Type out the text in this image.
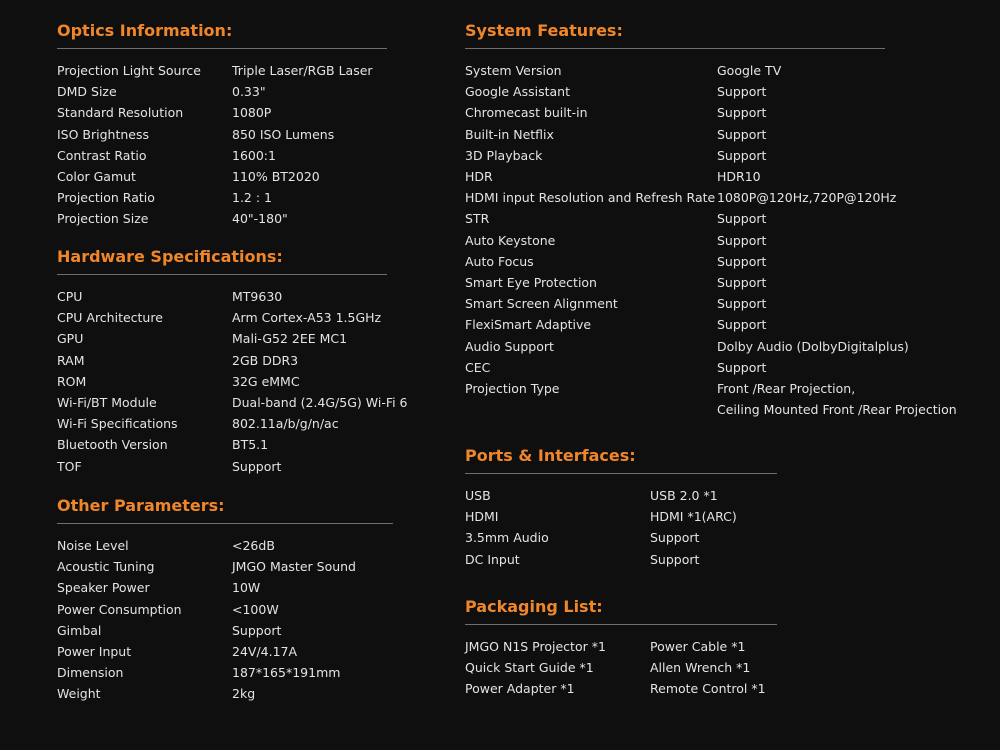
Optics Information:
Projection Light Source	Triple Laser/RGB Laser
DMD Size	0.33"
Standard Resolution	1080P
ISO Brightness	850 ISO Lumens
Contrast Ratio	1600:1
Color Gamut	110% BT2020
Projection Ratio	1.2 : 1
Projection Size	40"-180"
Hardware Specifications:
CPU	MT9630
CPU Architecture	Arm Cortex-A53 1.5GHz
GPU	Mali-G52 2EE MC1
RAM	2GB DDR3
ROM	32G eMMC
Wi-Fi/BT Module	Dual-band (2.4G/5G) Wi-Fi 6
Wi-Fi Specifications	802.11a/b/g/n/ac
Bluetooth Version	BT5.1
TOF	Support
Other Parameters:
Noise Level	<26dB
Acoustic Tuning	JMGO Master Sound
Speaker Power	10W
Power Consumption	<100W
Gimbal	Support
Power Input	24V/4.17A
Dimension	187*165*191mm
Weight	2kg
System Features:
System Version	Google TV
Google Assistant	Support
Chromecast built-in	Support
Built-in Netflix	Support
3D Playback	Support
HDR	HDR10
HDMI input Resolution and Refresh Rate 1080P@120Hz,720P@120Hz
STR	Support
Auto Keystone	Support
Auto Focus	Support
Smart Eye Protection	Support
Smart Screen Alignment	Support
FlexiSmart Adaptive	Support
Audio Support	Dolby Audio (DolbyDigitalplus)
CEC	Support
Projection Type	Front /Rear Projection,
Ceiling Mounted Front /Rear Projection
Ports & Interfaces:
USB	USB 2.0 *1
HDMI	HDMI *1(ARC)
3.5mm Audio	Support
DC Input	Support
Packaging List:
JMGO N1S Projector *1	Power Cable *1
Quick Start Guide *1	Allen Wrench *1
Power Adapter *1	Remote Control *1
